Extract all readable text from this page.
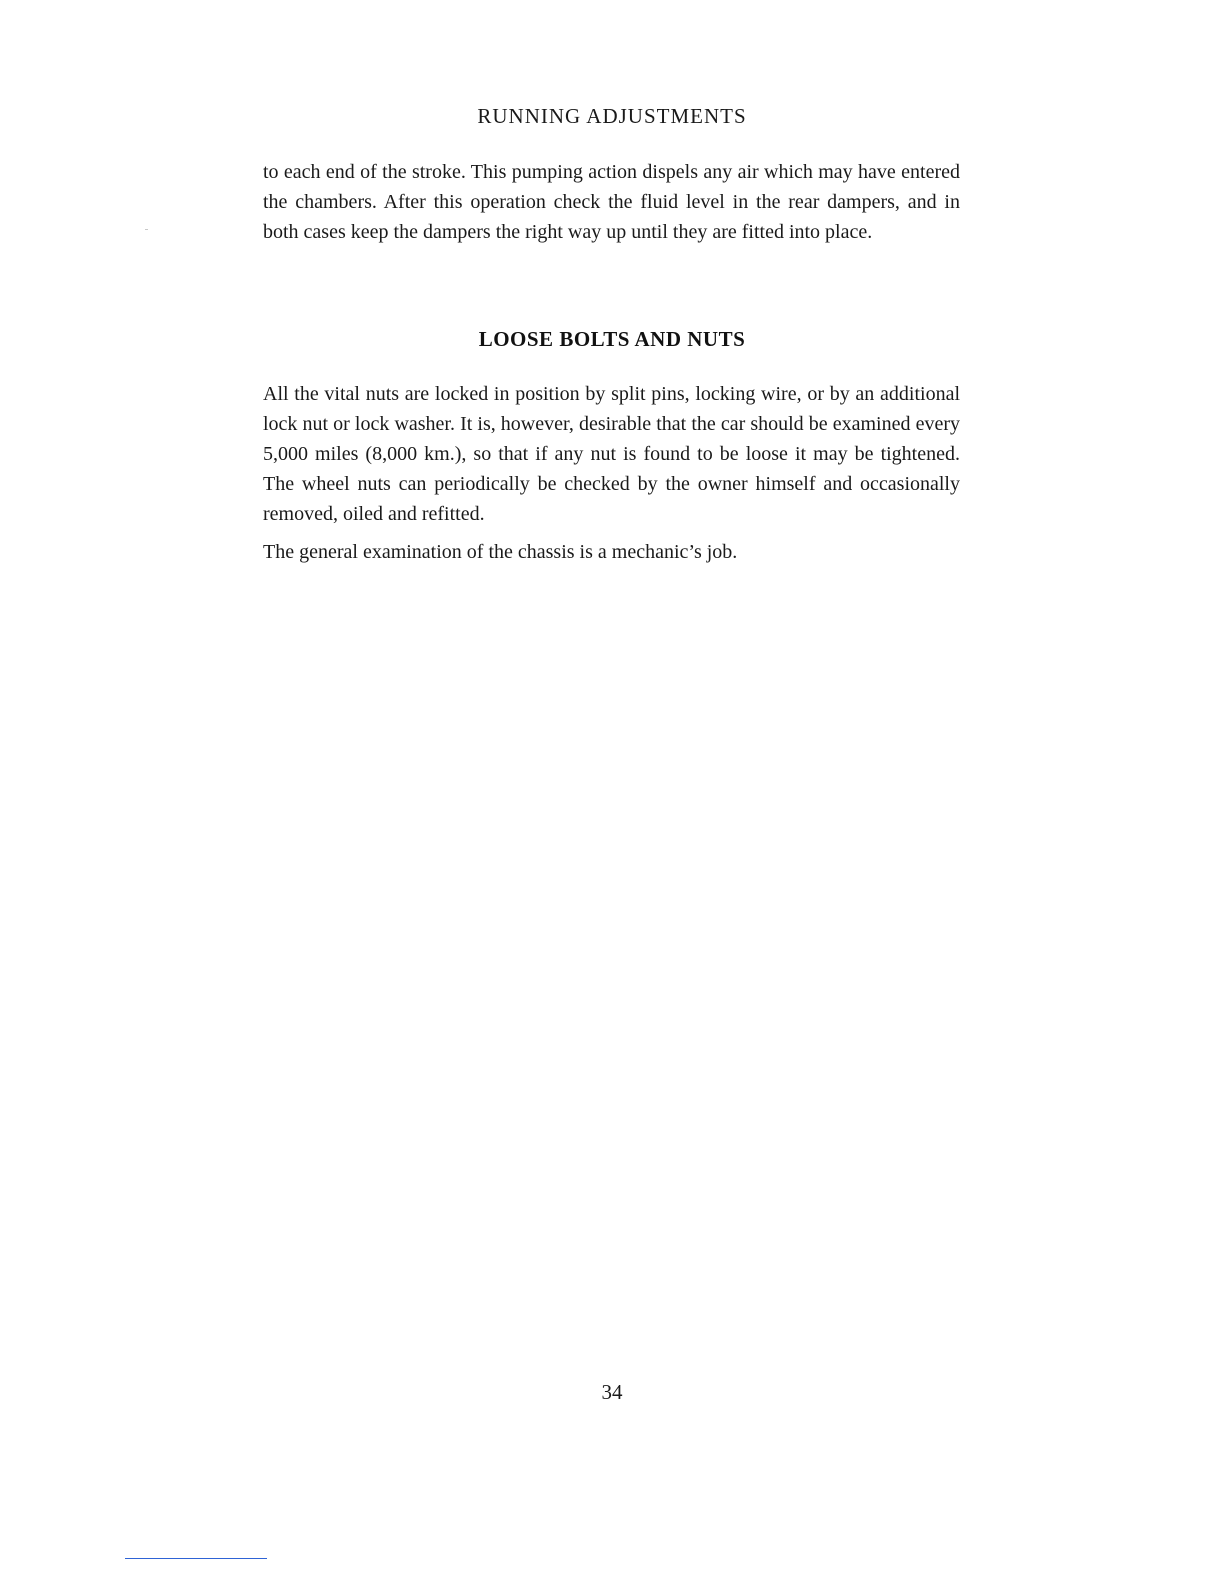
RUNNING ADJUSTMENTS

to each end of the stroke. This pumping action dispels any air which may have entered the chambers. After this operation check the fluid level in the rear dampers, and in both cases keep the dampers the right way up until they are fitted into place.

LOOSE BOLTS AND NUTS

All the vital nuts are locked in position by split pins, locking wire, or by an additional lock nut or lock washer. It is, however, desirable that the car should be examined every 5,000 miles (8,000 km.), so that if any nut is found to be loose it may be tightened. The wheel nuts can periodically be checked by the owner himself and occasionally removed, oiled and refitted.

The general examination of the chassis is a mechanic’s job.

34
